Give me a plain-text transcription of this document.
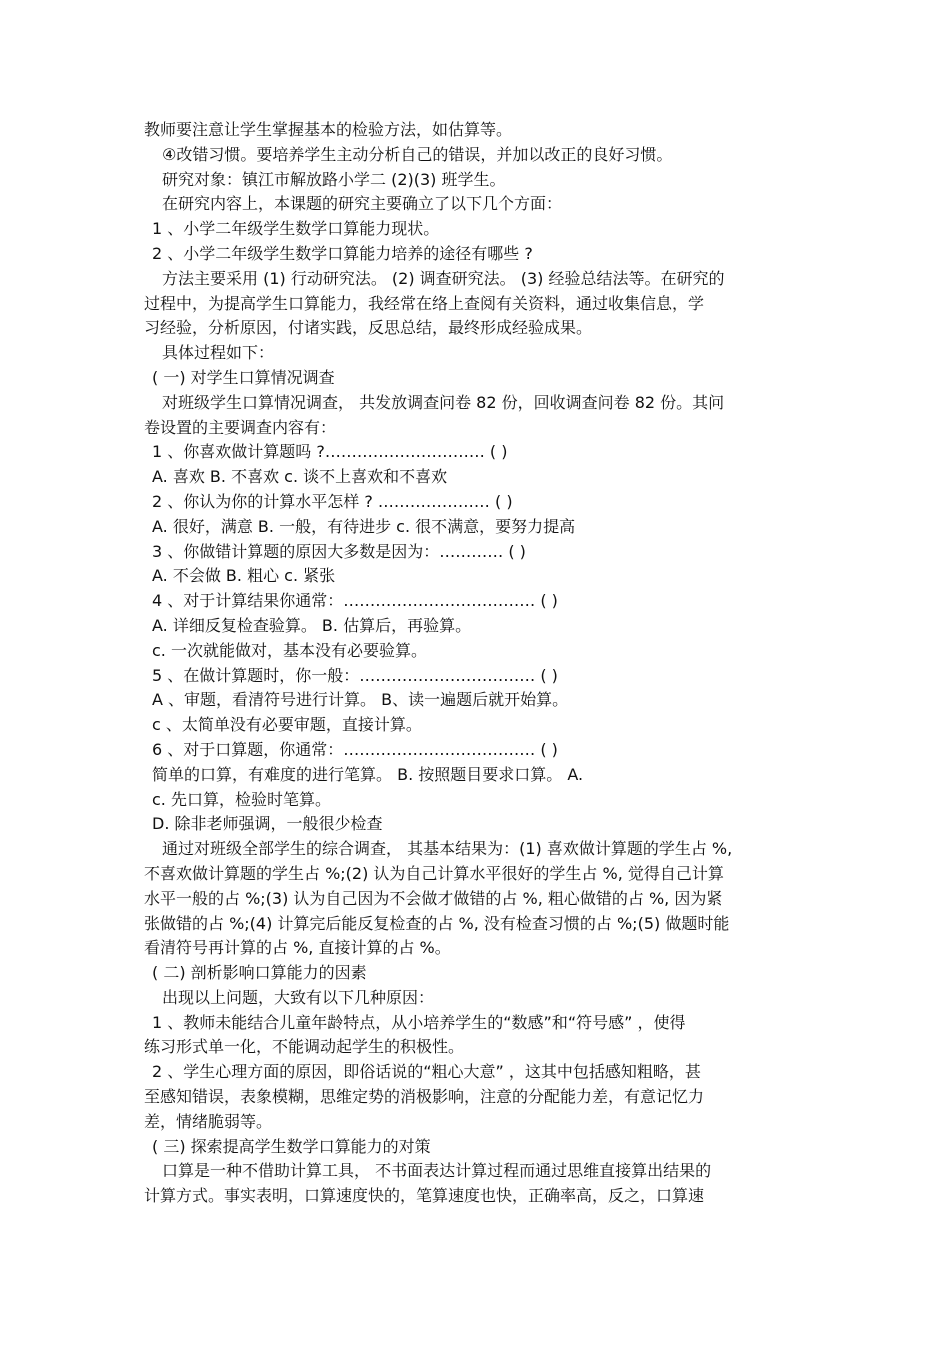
教师要注意让学生掌握基本的检验方法，如估算等。
④改错习惯。要培养学生主动分析自己的错误，并加以改正的良好习惯。
研究对象：镇江市解放路小学二 (2)(3) 班学生。
在研究内容上，本课题的研究主要确立了以下几个方面：
1 、小学二年级学生数学口算能力现状。
2 、小学二年级学生数学口算能力培养的途径有哪些 ?
方法主要采用 (1) 行动研究法。 (2) 调查研究法。 (3) 经验总结法等。在研究的
过程中，为提高学生口算能力，我经常在络上查阅有关资料，通过收集信息，学
习经验，分析原因，付诸实践，反思总结，最终形成经验成果。
具体过程如下：
( 一) 对学生口算情况调查
对班级学生口算情况调查， 共发放调查问卷 82 份，回收调查问卷 82 份。其问
卷设置的主要调查内容有：
1 、你喜欢做计算题吗 ?………………………… ( )
A. 喜欢 B. 不喜欢 c. 谈不上喜欢和不喜欢
2 、你认为你的计算水平怎样 ? ………………… ( )
A. 很好，满意 B. 一般，有待进步 c. 很不满意，要努力提高
3 、你做错计算题的原因大多数是因为：………… ( )
A. 不会做 B. 粗心 c. 紧张
4 、对于计算结果你通常：……………………………… ( )
A. 详细反复检查验算。 B. 估算后，再验算。
c. 一次就能做对，基本没有必要验算。
5 、在做计算题时，你一般：…………………………… ( )
A 、审题，看清符号进行计算。 B、读一遍题后就开始算。
c 、太简单没有必要审题，直接计算。
6 、对于口算题，你通常：……………………………… ( )
简单的口算，有难度的进行笔算。 B. 按照题目要求口算。 A.
c. 先口算，检验时笔算。
D. 除非老师强调，一般很少检查
通过对班级全部学生的综合调查， 其基本结果为：(1) 喜欢做计算题的学生占 %,
不喜欢做计算题的学生占 %;(2) 认为自己计算水平很好的学生占 %, 觉得自己计算
水平一般的占 %;(3) 认为自己因为不会做才做错的占 %, 粗心做错的占 %, 因为紧
张做错的占 %;(4) 计算完后能反复检查的占 %, 没有检查习惯的占 %;(5) 做题时能
看清符号再计算的占 %, 直接计算的占 %。
( 二) 剖析影响口算能力的因素
出现以上问题，大致有以下几种原因：
1 、教师未能结合儿童年龄特点，从小培养学生的“数感”和“符号感” ，使得
练习形式单一化，不能调动起学生的积极性。
2 、学生心理方面的原因，即俗话说的“粗心大意” ，这其中包括感知粗略，甚
至感知错误，表象模糊，思维定势的消极影响，注意的分配能力差，有意记忆力
差，情绪脆弱等。
( 三) 探索提高学生数学口算能力的对策
口算是一种不借助计算工具， 不书面表达计算过程而通过思维直接算出结果的
计算方式。事实表明，口算速度快的，笔算速度也快，正确率高，反之，口算速
